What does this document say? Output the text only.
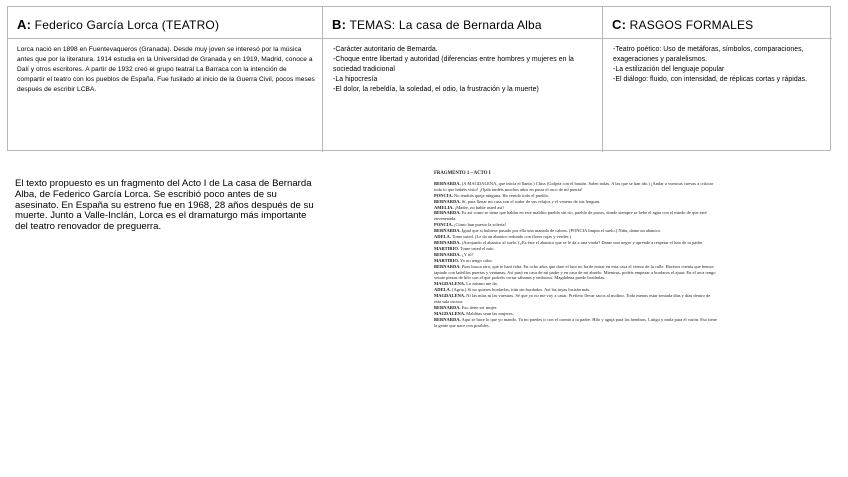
A: Federico García Lorca (TEATRO)	B: TEMAS: La casa de Bernarda Alba	C: RASGOS FORMALES
Lorca nació en 1898 en Fuentevaqueros (Granada). Desde muy joven se interesó por la música antes que por la literatura. 1914 estudia en la Universidad de Granada y en 1919, Madrid, conoce a Dalí y otros escritores. A partir de 1932 creó el grupo teatral La Barraca con la intención de compartir el teatro con los pueblos de España. Fue fusilado al inicio de la Guerra Civil, pocos meses después de escribir LCBA.
-Carácter autoritario de Bernarda.
-Choque entre libertad y autoridad (diferencias entre hombres y mujeres en la sociedad tradicional
-La hipocresía
-El dolor, la rebeldía, la soledad, el odio, la frustración y la muerte)
-Teatro poético: Uso de metáforas, símbolos, comparaciones, exageraciones y paralelismos.
-La estilización del lenguaje popular
-El diálogo: fluido, con intensidad, de réplicas cortas y rápidas.
El texto propuesto es un fragmento del Acto I de La casa de Bernarda Alba, de Federico García Lorca. Se escribió poco antes de su asesinato. En España su estreno fue en 1968, 28 años después de su muerte. Junto a Valle-Inclán, Lorca es el dramaturgo más importante del teatro renovador de preguerra.
FRAGMENTO 1 – ACTO I

BERNARDA. (A MAGDALENA, que inicia el llanto.) Chiss (Golpea con el bastón. Salen todas. A las que se han ido.) ¡Andar a vuestras cuevas a criticar todo lo que habéis visto! ¡Ojalá tardéis muchos años en pasar el arco de mi puerta!

PONCIA. No tendrás queja ninguna. Ha venido todo el pueblo.

BERNARDA. Sí, para llenar mi casa con el sudor de sus refajos y el veneno de sus lenguas.

AMELIA. ¡Madre, no hable usted así!

BERNARDA. Es así como se tiene que hablar en este maldito pueblo sin río, pueblo de pozos, donde siempre se bebe el agua con el miedo de que esté envenenada.

PONCIA. ¡Cómo han puesto la solería!

BERNARDA. Igual que si hubiese pasado por ella una manada de cabras. (PONCIA limpia el suelo.) Niña, dame un abanico.

ADELA. Tome usted. (Le da un abanico redondo con flores rojas y verdes.)

BERNARDA. (Arrojando el abanico al suelo.) ¿Es éste el abanico que se le da a una viuda? Dame uno negro y aprende a respetar el luto de tu padre.

MARTIRIO. Tome usted el mío.

BERNARDA. ¿Y tú?

MARTIRIO. Yo no tengo calor.

BERNARDA. Pues busca otro, que te hará falta. En ocho años que dure el luto no ha de entrar en esta casa el viento de la calle. Haceros cuenta que hemos tapiado con ladrillos puertas y ventanas. Así pasó en casa de mi padre y en casa de mi abuelo. Mientras, podéis empezar a bordaros el ajuar. En el arca tengo veinte piezas de hilo con el que podréis cortar sábanas y embozos. Magdalena puede bordarlas.

MAGDALENA. Lo mismo me da.

ADELA. (Agria.) Si no quieres bordarlas, irán sin bordados. Así las tuyas lucirán más.

MAGDALENA. Ni las mías ni las vuestras. Sé que yo no me voy a casar. Prefiero llevar sacos al molino. Todo menos estar sentada días y días dentro de esta sala oscura.

BERNARDA. Eso tiene ser mujer.

MAGDALENA. Malditas sean las mujeres.

BERNARDA. Aquí se hace lo que yo mando. Ya no puedes ir con el cuento a tu padre. Hilo y aguja para las hembras. Látigo y mula para el varón. Eso tiene la gente que nace con posibles.
